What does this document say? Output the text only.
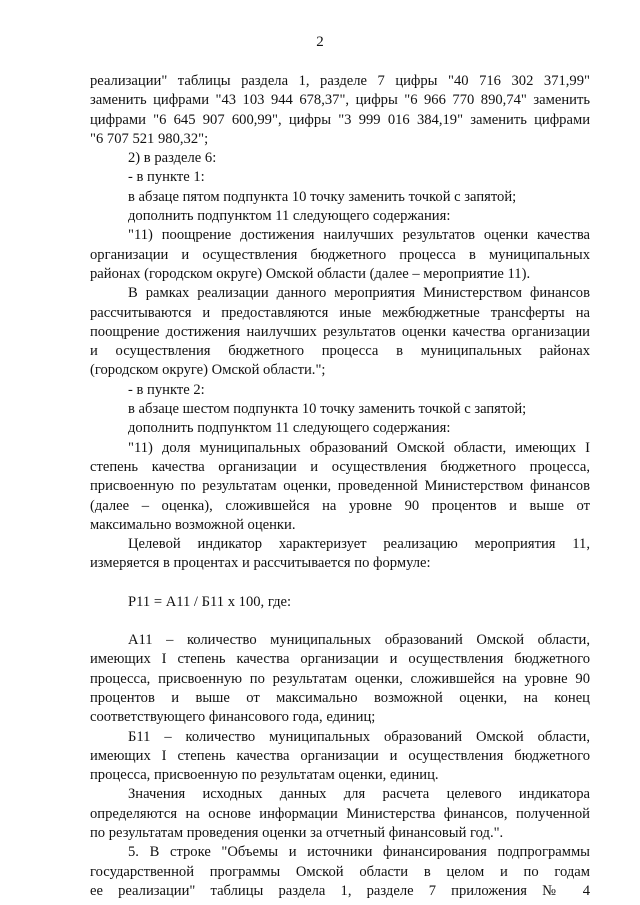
2

реализации" таблицы раздела 1, разделе 7 цифры "40 716 302 371,99"

заменить цифрами "43 103 944 678,37", цифры "6 966 770 890,74" заменить

цифрами "6 645 907 600,99", цифры "3 999 016 384,19" заменить цифрами

"6 707 521 980,32";

2) в разделе 6:

- в пункте 1:

в абзаце пятом подпункта 10 точку заменить точкой с запятой;

дополнить подпунктом 11 следующего содержания:

"11) поощрение достижения наилучших результатов оценки качества

организации и осуществления бюджетного процесса в муниципальных

районах (городском округе) Омской области (далее – мероприятие 11).

В рамках реализации данного мероприятия Министерством финансов

рассчитываются и предоставляются иные межбюджетные трансферты на

поощрение достижения наилучших результатов оценки качества организации

и осуществления бюджетного процесса в муниципальных районах

(городском округе) Омской области.";

- в пункте 2:

в абзаце шестом подпункта 10 точку заменить точкой с запятой;

дополнить подпунктом 11 следующего содержания:

"11) доля муниципальных образований Омской области, имеющих I

степень качества организации и осуществления бюджетного процесса,

присвоенную по результатам оценки, проведенной Министерством финансов

(далее – оценка), сложившейся на уровне 90 процентов и выше от

максимально возможной оценки.

Целевой индикатор характеризует реализацию мероприятия 11,

измеряется в процентах и рассчитывается по формуле:

Р11 = А11 / Б11 х 100, где:

А11 – количество муниципальных образований Омской области,

имеющих I степень качества организации и осуществления бюджетного

процесса, присвоенную по результатам оценки, сложившейся на уровне 90

процентов и выше от максимально возможной оценки, на конец

соответствующего финансового года, единиц;

Б11 – количество муниципальных образований Омской области,

имеющих I степень качества организации и осуществления бюджетного

процесса, присвоенную по результатам оценки, единиц.

Значения исходных данных для расчета целевого индикатора

определяются на основе информации Министерства финансов, полученной

по результатам проведения оценки за отчетный финансовый год.".

5. В строке "Объемы и источники финансирования подпрограммы

государственной программы Омской области в целом и по годам

ее реализации" таблицы раздела 1, разделе 7 приложения № 4
